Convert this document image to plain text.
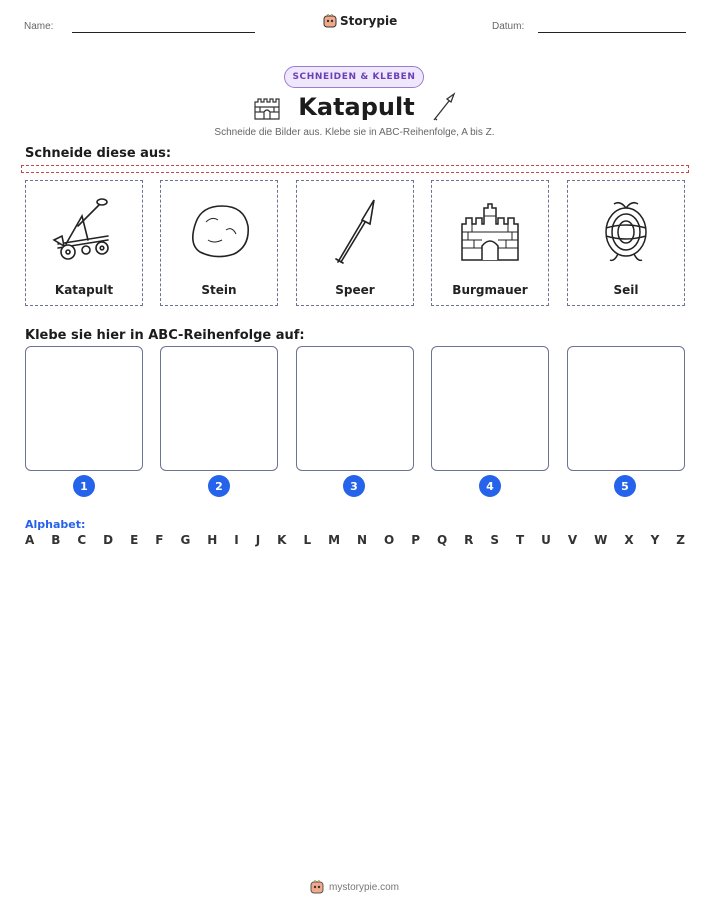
Name:	Storypie	Datum:
SCHNEIDEN & KLEBEN
Katapult
Schneide die Bilder aus. Klebe sie in ABC-Reihenfolge, A bis Z.
Schneide diese aus:
Katapult	Stein	Speer	Burgmauer	Seil
Klebe sie hier in ABC-Reihenfolge auf:
1	2	3	4	5
Alphabet:
A B C D E F G H I J K L M N O P Q R S T U V W X Y Z
mystorypie.com
